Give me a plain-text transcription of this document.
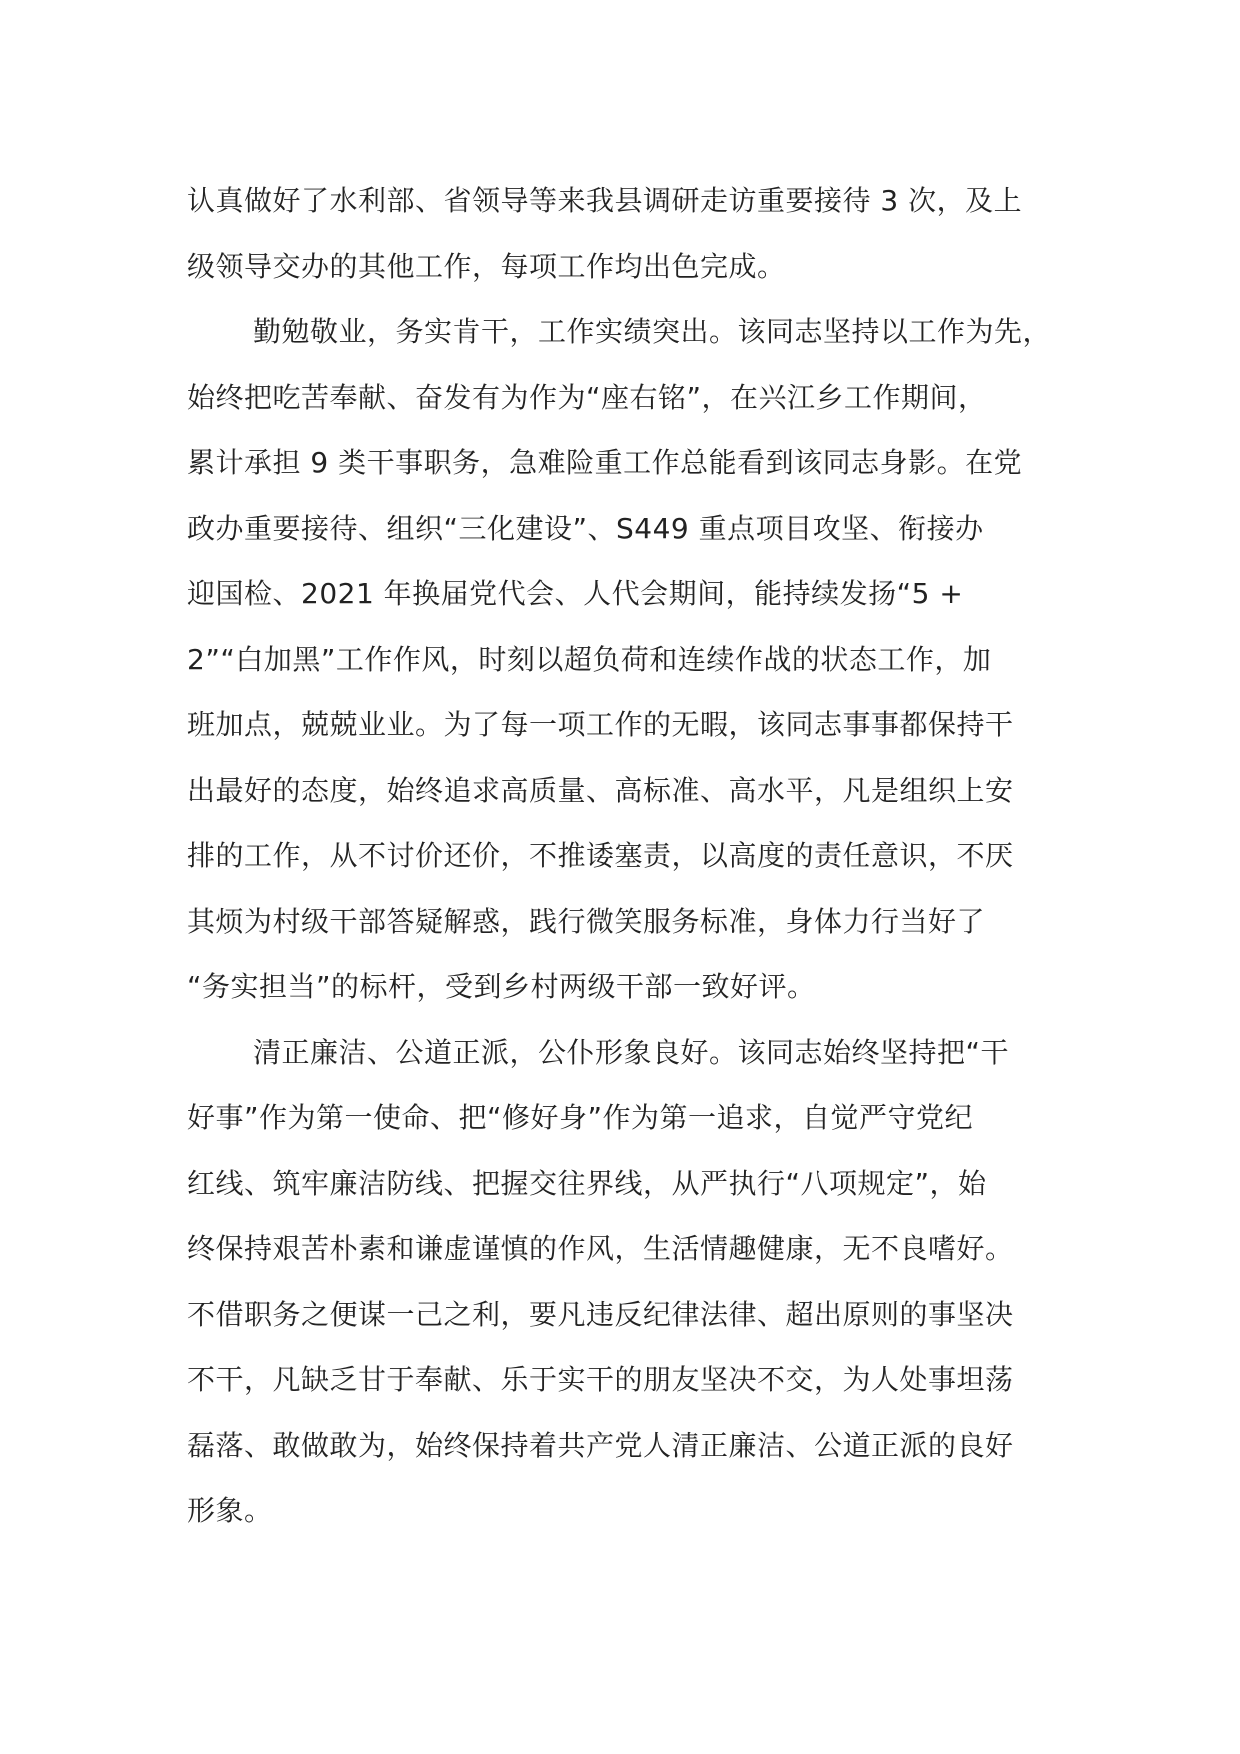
认真做好了水利部、省领导等来我县调研走访重要接待 3 次，及上
级领导交办的其他工作，每项工作均出色完成。
勤勉敬业，务实肯干，工作实绩突出。该同志坚持以工作为先，
始终把吃苦奉献、奋发有为作为“座右铭”，在兴江乡工作期间，
累计承担 9 类干事职务，急难险重工作总能看到该同志身影。在党
政办重要接待、组织“三化建设”、S449 重点项目攻坚、衔接办
迎国检、2021 年换届党代会、人代会期间，能持续发扬“5 +
2”“白加黑”工作作风，时刻以超负荷和连续作战的状态工作，加
班加点，兢兢业业。为了每一项工作的无暇，该同志事事都保持干
出最好的态度，始终追求高质量、高标准、高水平，凡是组织上安
排的工作，从不讨价还价，不推诿塞责，以高度的责任意识，不厌
其烦为村级干部答疑解惑，践行微笑服务标准，身体力行当好了
“务实担当”的标杆，受到乡村两级干部一致好评。
清正廉洁、公道正派，公仆形象良好。该同志始终坚持把“干
好事”作为第一使命、把“修好身”作为第一追求，自觉严守党纪
红线、筑牢廉洁防线、把握交往界线，从严执行“八项规定”，始
终保持艰苦朴素和谦虚谨慎的作风，生活情趣健康，无不良嗜好。
不借职务之便谋一己之利，要凡违反纪律法律、超出原则的事坚决
不干，凡缺乏甘于奉献、乐于实干的朋友坚决不交，为人处事坦荡
磊落、敢做敢为，始终保持着共产党人清正廉洁、公道正派的良好
形象。
